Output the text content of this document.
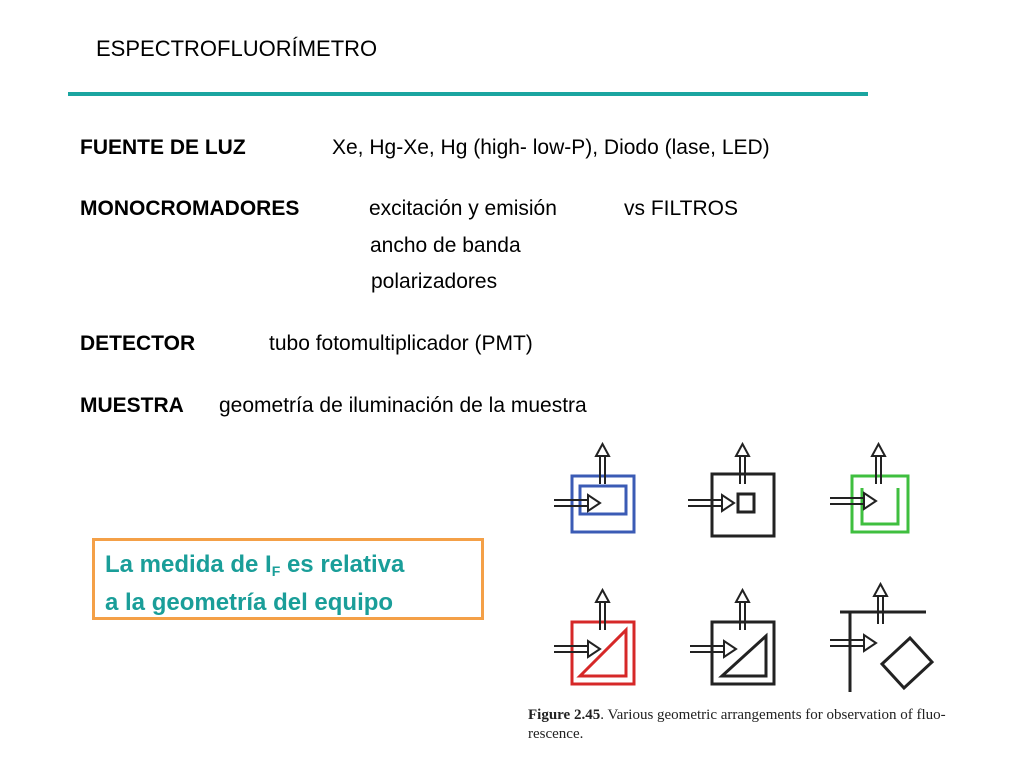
ESPECTROFLUORÍMETRO
FUENTE DE LUZ	Xe, Hg-Xe, Hg (high- low-P), Diodo (lase, LED)
MONOCROMADORES	excitación y emisión	vs FILTROS
ancho de banda
polarizadores
DETECTOR	tubo fotomultiplicador (PMT)
MUESTRA geometría de iluminación de la muestra
La medida de $I_F$ es relativa
a la geometría del equipo
Figure 2.45. Various geometric arrangements for observation of fluo-rescence.
